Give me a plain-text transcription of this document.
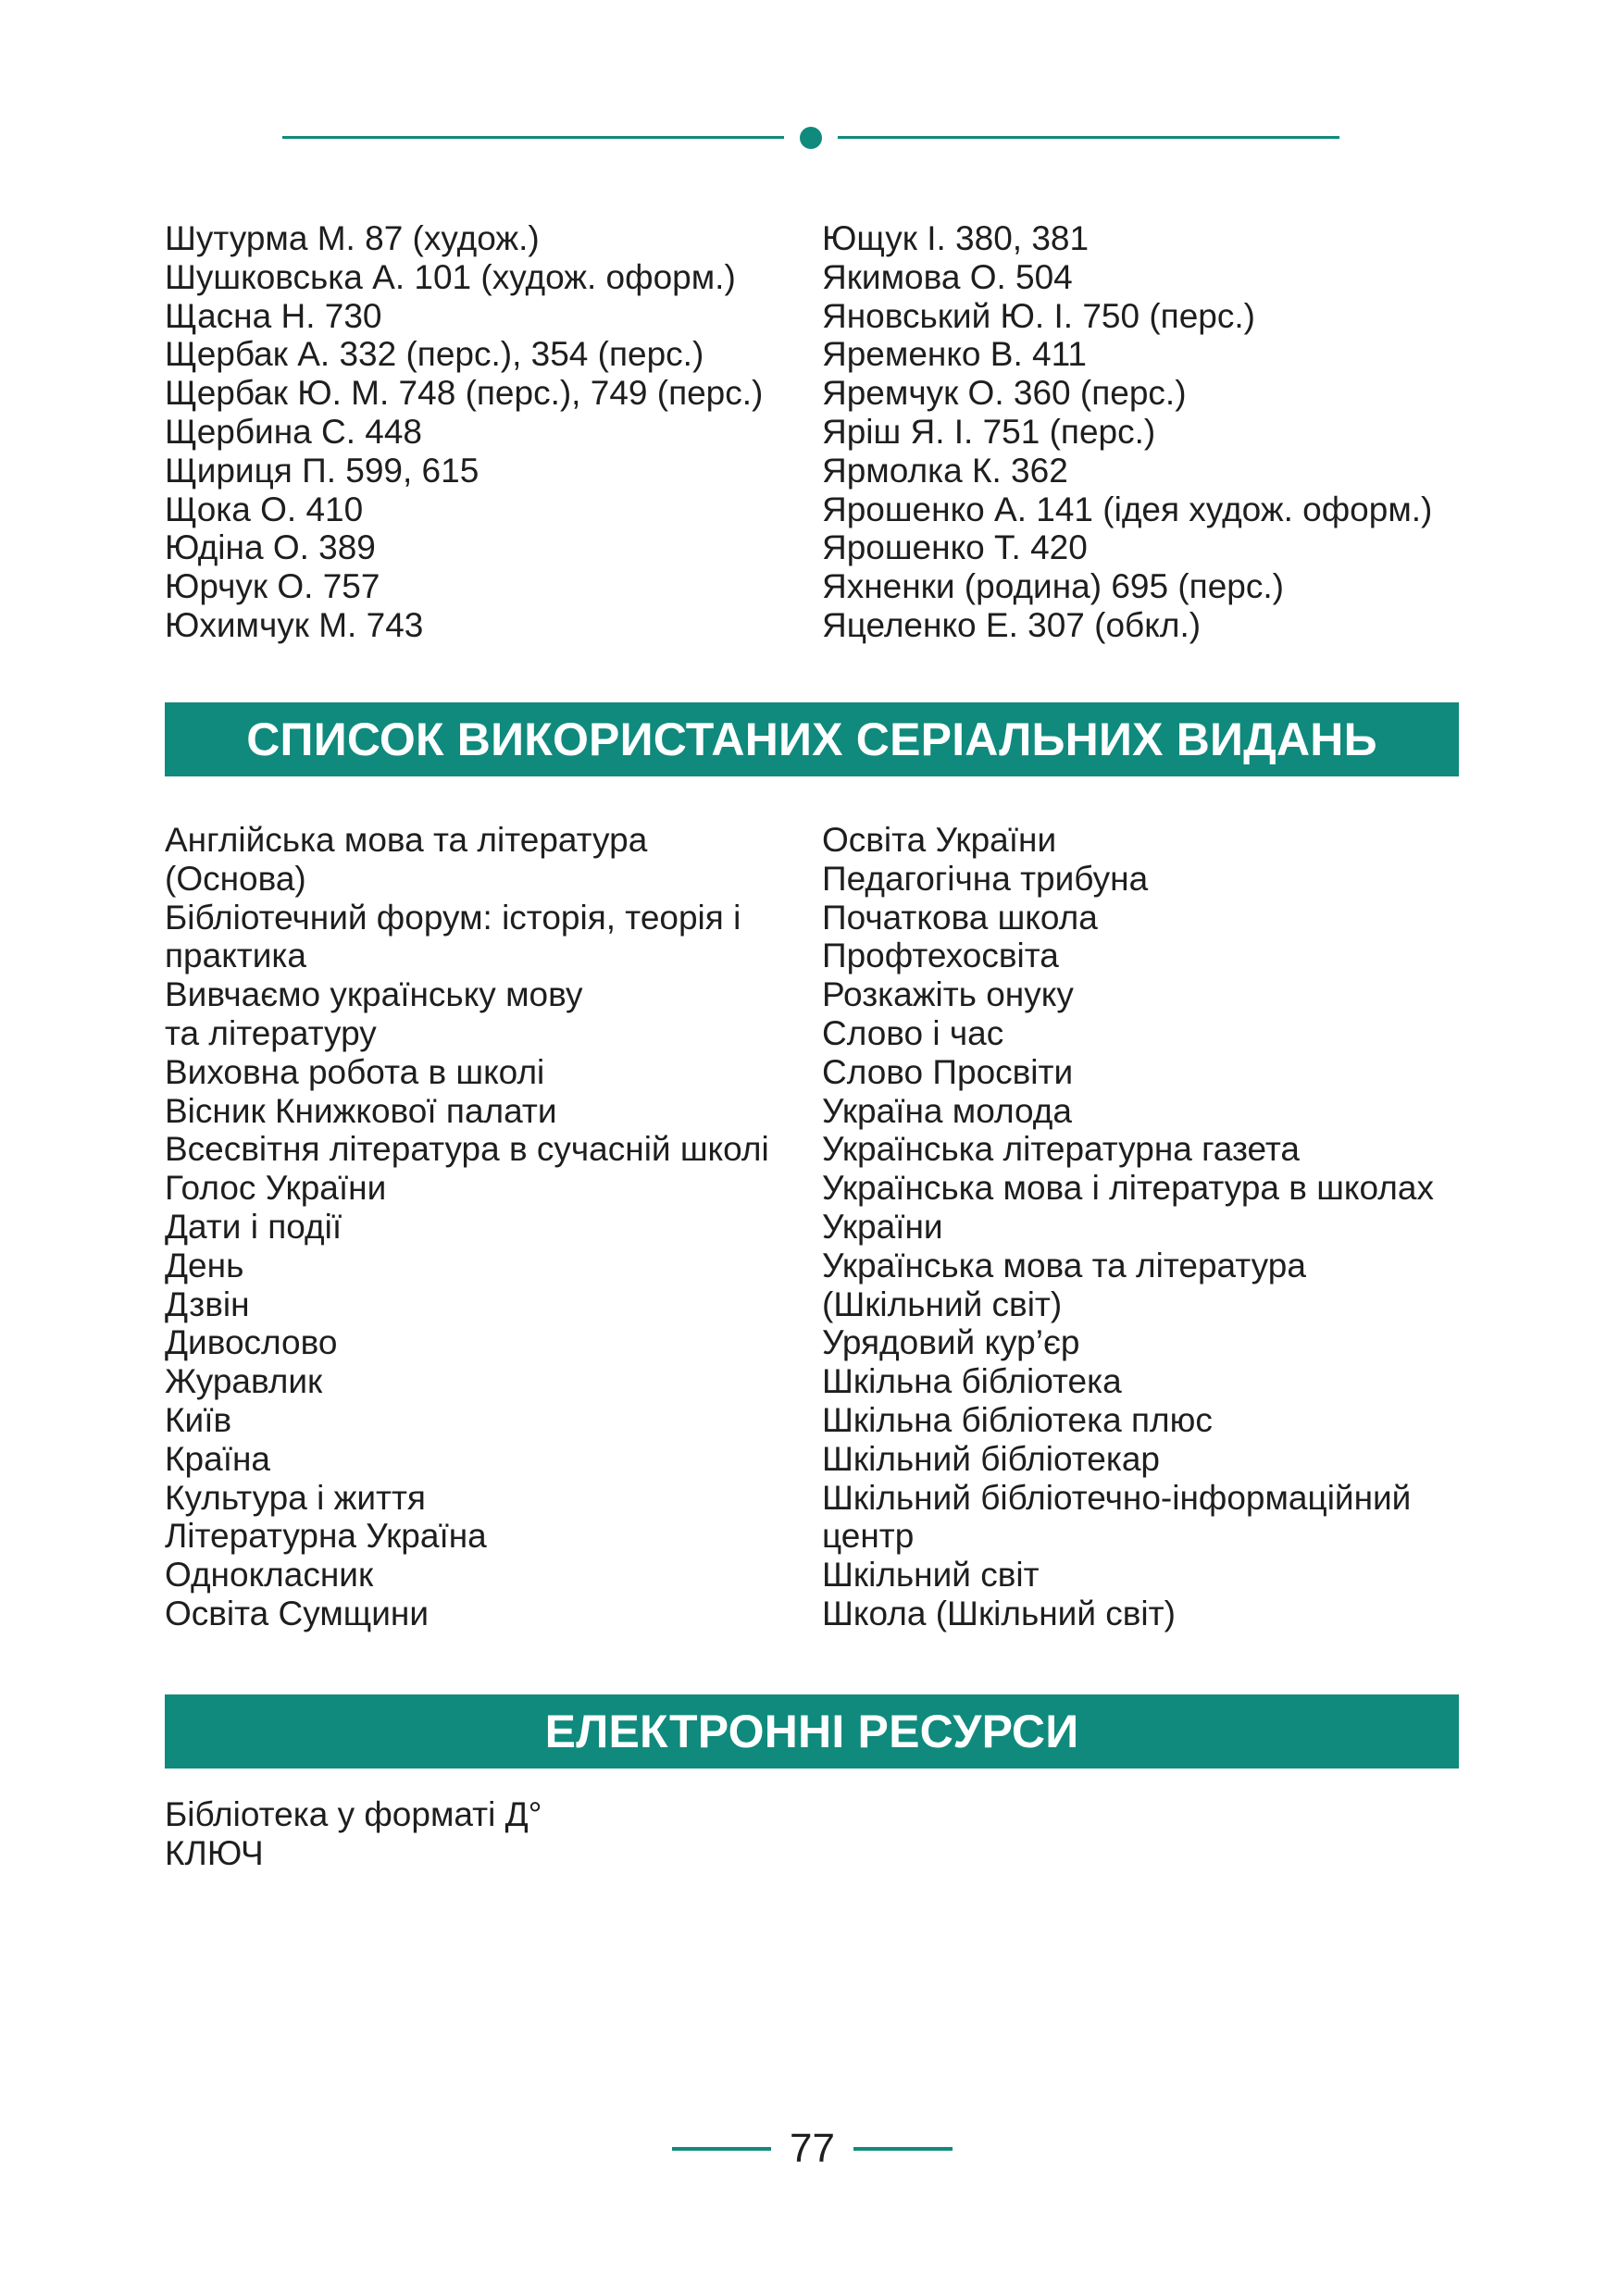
Шутурма М. 87 (худож.)
Шушковська А. 101 (худож. оформ.)
Щасна Н. 730
Щербак А. 332 (перс.), 354 (перс.)
Щербак Ю. М. 748 (перс.), 749 (перс.)
Щербина С. 448
Щириця П. 599, 615
Щока О. 410
Юдіна О. 389
Юрчук О. 757
Юхимчук М. 743
Ющук І. 380, 381
Якимова О. 504
Яновський Ю. І. 750 (перс.)
Яременко В. 411
Яремчук О. 360 (перс.)
Яріш Я. І. 751 (перс.)
Ярмолка К. 362
Ярошенко А. 141 (ідея худож. оформ.)
Ярошенко Т. 420
Яхненки (родина) 695 (перс.)
Яцеленко Е. 307 (обкл.)
СПИСОК ВИКОРИСТАНИХ СЕРІАЛЬНИХ ВИДАНЬ
Англійська мова та література
(Основа)
Бібліотечний форум: історія, теорія і
практика
Вивчаємо українську мову
та літературу
Виховна робота в школі
Вісник Книжкової палати
Всесвітня література в сучасній школі
Голос України
Дати і події
День
Дзвін
Дивослово
Журавлик
Київ
Країна
Культура і життя
Літературна Україна
Однокласник
Освіта Сумщини
Освіта України
Педагогічна трибуна
Початкова школа
Профтехосвіта
Розкажіть онуку
Слово і час
Слово Просвіти
Україна молода
Українська літературна газета
Українська мова і література в школах
України
Українська мова та література
(Шкільний світ)
Урядовий кур’єр
Шкільна бібліотека
Шкільна бібліотека плюс
Шкільний бібліотекар
Шкільний бібліотечно-інформаційний
центр
Шкільний світ
Школа (Шкільний світ)
ЕЛЕКТРОННІ РЕСУРСИ
Бібліотека у форматі Д°
КЛЮЧ
77
